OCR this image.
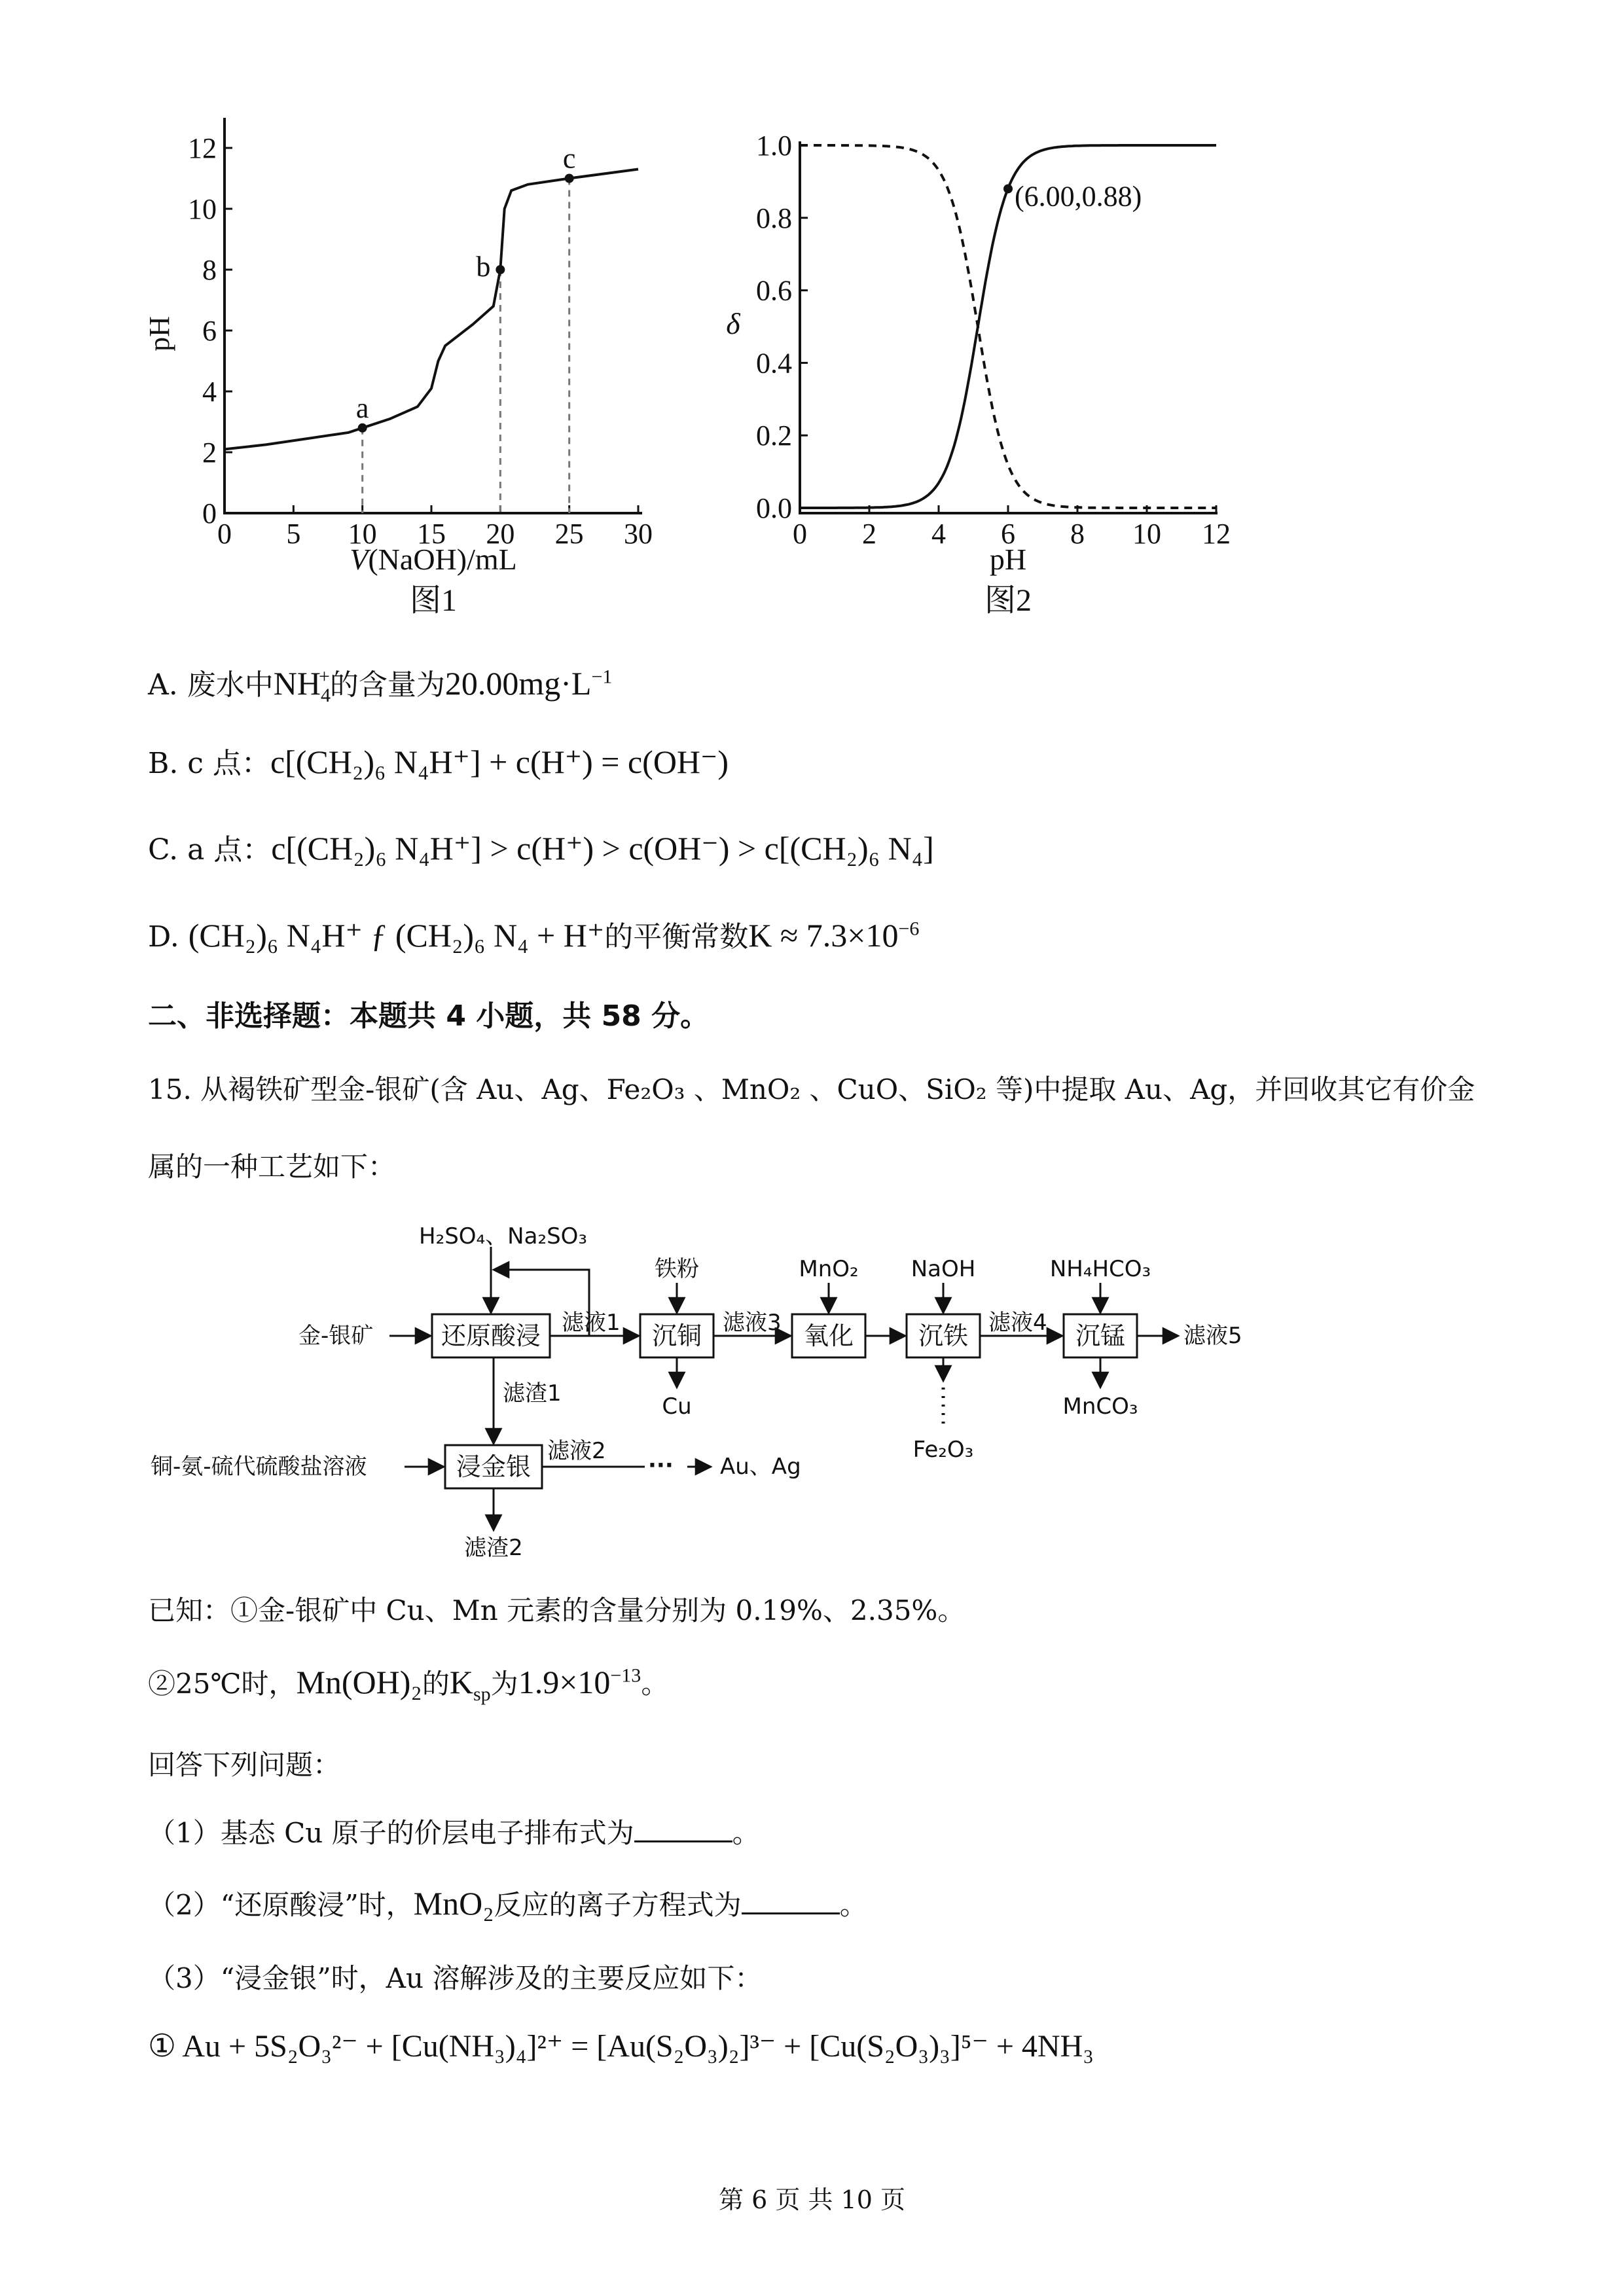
0 5 10 15 20 25 30
0
2
4
6
8
10
12
a
b
c
pH
V(NaOH)/mL
图1
0 2 4 6 8 10 12
0.0
0.2
0.4
0.6
0.8
1.0
(6.00,0.88)
δ
pH
图2
A. 废水中$NH_4^+$的含量为$20.00mg\cdot L^{-1}$
B. c 点：c[(CH₂)₆ N₄H⁺] + c(H⁺) = c(OH⁻)
C. a 点：c[(CH₂)₆ N₄H⁺] > c(H⁺) > c(OH⁻) > c[(CH₂)₆ N₄]
D. (CH₂)₆ N₄H⁺ ƒ (CH₂)₆ N₄ + H⁺的平衡常数$K \approx 7.3\times 10^{-6}$
二、非选择题：本题共 4 小题，共 58 分。
15. 从褐铁矿型金-银矿(含 Au、Ag、Fe₂O₃ 、MnO₂ 、CuO、SiO₂ 等)中提取 Au、Ag，并回收其它有价金
属的一种工艺如下：
H₂SO₄、Na₂SO₃
金-银矿	还原酸浸 滤液1
铁粉
沉铜
Cu
滤液3
MnO₂
氧化
NaOH
沉铁
Fe₂O₃
滤液4
NH₄HCO₃
沉锰
MnCO₃
滤液5
滤渣1
铜-氨-硫代硫酸盐溶液	浸金银
滤液2
··· Au、Ag
滤渣2
已知：①金-银矿中 Cu、Mn 元素的含量分别为 0.19%、2.35%。
②25℃时，Mn(OH)₂的$K_{sp}$为$1.9\times 10^{-13}$。
回答下列问题：
（1）基态 Cu 原子的价层电子排布式为	。
（2）“还原酸浸”时，MnO₂反应的离子方程式为	。
（3）“浸金银”时，Au 溶解涉及的主要反应如下：
① Au + 5S₂O₃²⁻ + [Cu(NH₃)₄]²⁺ = [Au(S₂O₃)₂]³⁻ + [Cu(S₂O₃)₃]⁵⁻ + 4NH₃
第 6 页 共 10 页
